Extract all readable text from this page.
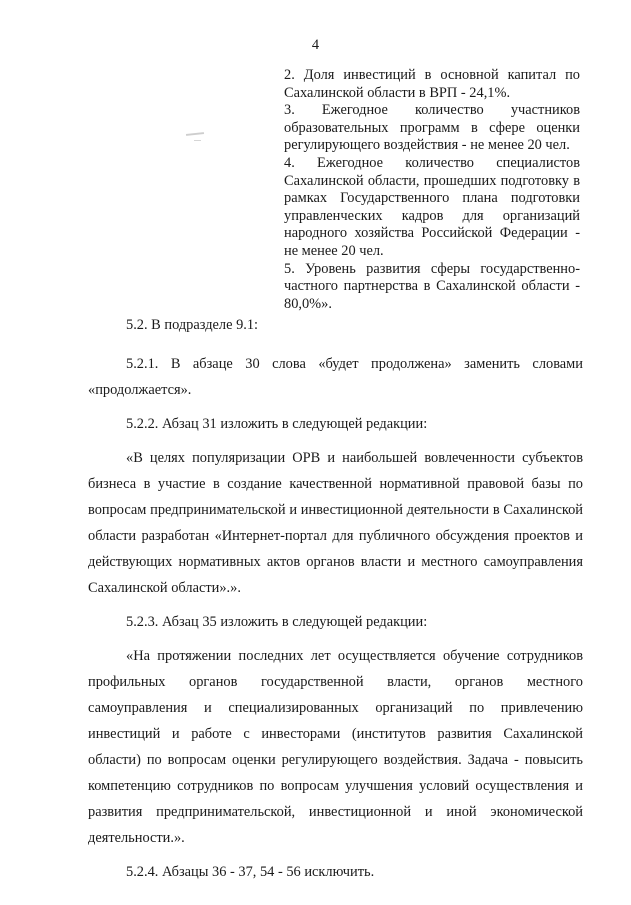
4

2. Доля инвестиций в основной капитал по Сахалинской области в ВРП - 24,1%.

3. Ежегодное количество участников образовательных программ в сфере оценки регулирующего воздействия - не менее 20 чел.

4. Ежегодное количество специалистов Сахалинской области, прошедших подготовку в рамках Государственного плана подготовки управленческих кадров для организаций народного хозяйства Российской Федерации - не менее 20 чел.

5. Уровень развития сферы государственно-частного партнерства в Сахалинской области - 80,0%».

5.2. В подразделе 9.1:

5.2.1. В абзаце 30 слова «будет продолжена» заменить словами «продолжается».

5.2.2. Абзац 31 изложить в следующей редакции:

«В целях популяризации ОРВ и наибольшей вовлеченности субъектов бизнеса в участие в создание качественной нормативной правовой базы по вопросам предпринимательской и инвестиционной деятельности в Сахалинской области разработан «Интернет-портал для публичного обсуждения проектов и действующих нормативных актов органов власти и местного самоуправления Сахалинской области».».

5.2.3. Абзац 35 изложить в следующей редакции:

«На протяжении последних лет осуществляется обучение сотрудников профильных органов государственной власти, органов местного самоуправления и специализированных организаций по привлечению инвестиций и работе с инвесторами (институтов развития Сахалинской области) по вопросам оценки регулирующего воздействия. Задача - повысить компетенцию сотрудников по вопросам улучшения условий осуществления и развития предпринимательской, инвестиционной и иной экономической деятельности.».

5.2.4. Абзацы 36 - 37, 54 - 56 исключить.
